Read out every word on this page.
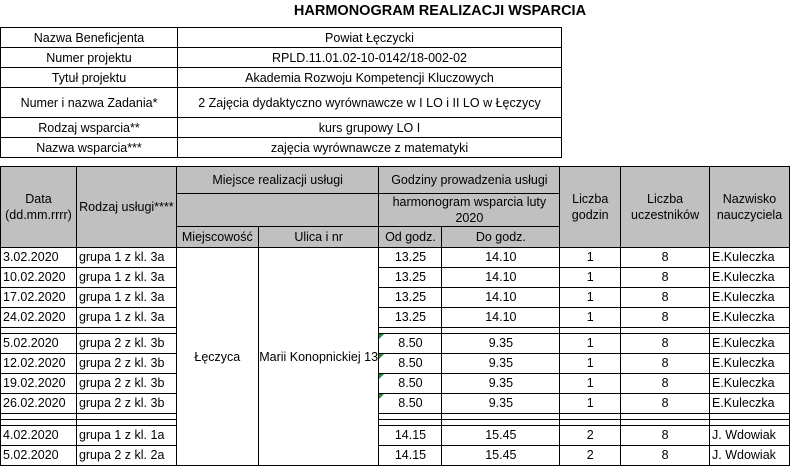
HARMONOGRAM REALIZACJI WSPARCIA
Nazwa Beneficjenta	Powiat Łęczycki
Numer projektu	RPLD.11.01.02-10-0142/18-002-02
Tytuł projektu	Akademia Rozwoju Kompetencji Kluczowych
Numer i nazwa Zadania*	2 Zajęcia dydaktyczno wyrównawcze w I LO i II LO w Łęczycy
Rodzaj wsparcia**	kurs grupowy LO I
Nazwa wsparcia***	zajęcia wyrównawcze z matematyki
Data (dd.mm.rrrr)	Rodzaj usługi****	Miejsce realizacji usługi		Godziny prowadzenia usługi		Liczba godzin	Liczba uczestników	Nazwisko nauczyciela
				harmonogram wsparcia luty 2020				
		Miejscowość	Ulica i nr	Od godz.	Do godz.			
3.02.2020	grupa 1 z kl. 3a	Łęczyca	Marii Konopnickiej 13	13.25	14.10	1	8	E.Kuleczka
10.02.2020	grupa 1 z kl. 3a			13.25	14.10	1	8	E.Kuleczka
17.02.2020	grupa 1 z kl. 3a			13.25	14.10	1	8	E.Kuleczka
24.02.2020	grupa 1 z kl. 3a			13.25	14.10	1	8	E.Kuleczka

5.02.2020	grupa 2 z kl. 3b			8.50	9.35	1	8	E.Kuleczka
12.02.2020	grupa 2 z kl. 3b			8.50	9.35	1	8	E.Kuleczka
19.02.2020	grupa 2 z kl. 3b			8.50	9.35	1	8	E.Kuleczka
26.02.2020	grupa 2 z kl. 3b			8.50	9.35	1	8	E.Kuleczka

4.02.2020	grupa 1 z kl. 1a			14.15	15.45	2	8	J. Wdowiak
5.02.2020	grupa 2 z kl. 2a			14.15	15.45	2	8	J. Wdowiak
